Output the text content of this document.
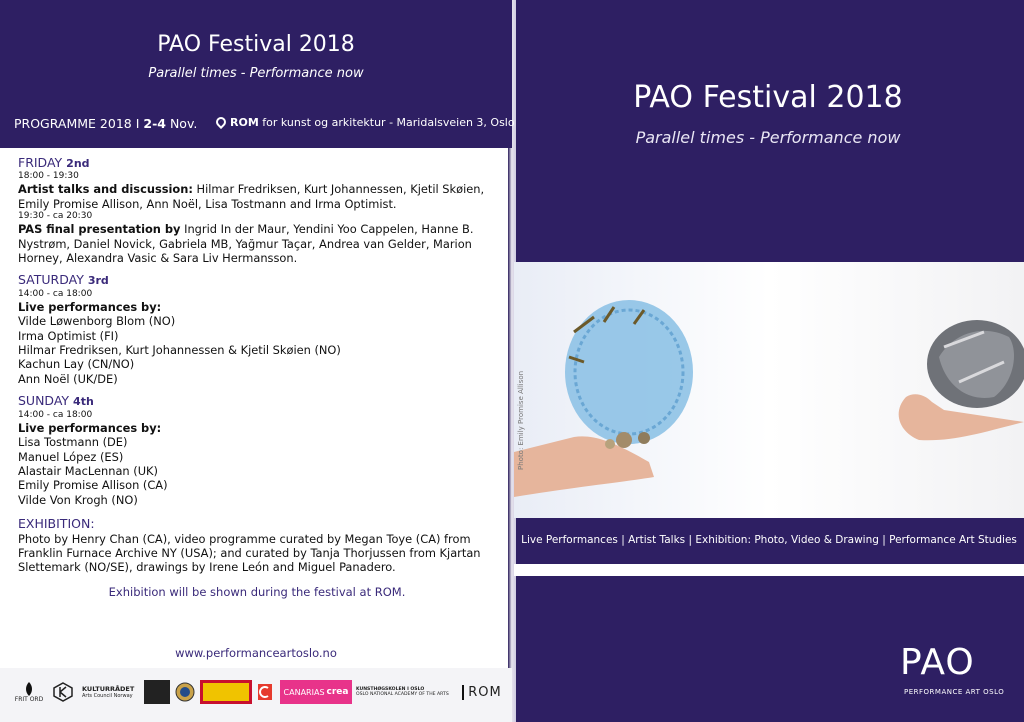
PAO Festival 2018
Parallel times - Performance now
PROGRAMME 2018 I 2-4 Nov.	ROM for kunst og arkitektur - Maridalsveien 3, Oslo
FRIDAY 2nd
18:00 - 19:30

Artist talks and discussion: Hilmar Fredriksen, Kurt Johannessen, Kjetil Skøien, Emily Promise Allison, Ann Noël, Lisa Tostmann and Irma Optimist.

19:30 - ca 20:30

PAS final presentation by Ingrid In der Maur, Yendini Yoo Cappelen, Hanne B. Nystrøm, Daniel Novick, Gabriela MB, Yağmur Taçar, Andrea van Gelder, Marion Horney, Alexandra Vasic & Sara Liv Hermansson.

SATURDAY 3rd
14:00 - ca 18:00

Live performances by:

Vilde Løwenborg Blom (NO)

Irma Optimist (FI)

Hilmar Fredriksen, Kurt Johannessen & Kjetil Skøien (NO)

Kachun Lay (CN/NO)

Ann Noël (UK/DE)

SUNDAY 4th
14:00 - ca 18:00

Live performances by:

Lisa Tostmann (DE)

Manuel López (ES)

Alastair MacLennan (UK)

Emily Promise Allison (CA)

Vilde Von Krogh (NO)

EXHIBITION:

Photo by Henry Chan (CA), video programme curated by Megan Toye (CA) from Franklin Furnace Archive NY (USA); and curated by Tanja Thorjussen from Kjartan Slettemark (NO/SE), drawings by Irene León and Miguel Panadero.

Exhibition will be shown during the festival at ROM.
www.performanceartoslo.no
FRIT ORD
KULTURRÅDET
Arts Council Norway	CANARIAS crea KUNSTHØGSKOLEN I OSLO
OSLO NATIONAL ACADEMY OF THE ARTS	ROM
PAO Festival 2018
Parallel times - Performance now
Photo: Emily Promise Allison
Live Performances | Artist Talks | Exhibition: Photo, Video & Drawing | Performance Art Studies
PAO
PERFORMANCE ART OSLO
